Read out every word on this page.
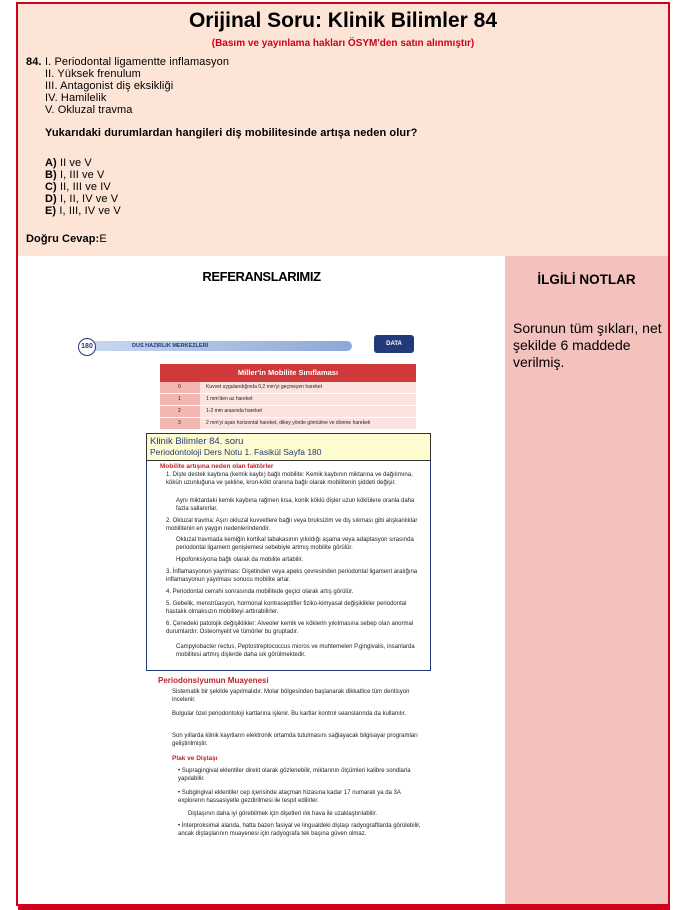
Orijinal Soru: Klinik Bilimler 84
(Basım ve yayınlama hakları ÖSYM'den satın alınmıştır)
84. I. Periodontal ligamentte inflamasyon
II. Yüksek frenulum
III. Antagonist diş eksikliği
IV. Hamilelik
V. Okluzal travma
Yukarıdaki durumlardan hangileri diş mobilitesinde artışa neden olur?
A) II ve V
B) I, III ve V
C) II, III ve IV
D) I, II, IV ve V
E) I, III, IV ve V
Doğru Cevap:E
İLGİLİ NOTLAR
Sorunun tüm şıkları, net şekilde 6 maddede verilmiş.
REFERANSLARIMIZ
DUS HAZIRLIK MERKEZLERİ
180	DATA
Miller'in Mobilite Sınıflaması
0	Kuvvet uygulandığında 0,2 mm'yi geçmeyen hareket
1	1 mm'den az hareket
2	1-2 mm arasında hareket
3	2 mm'yi aşan horizontal hareket, dikey yönde gömülme ve dönme hareketi
Klinik Bilimler 84. soru
Periodontoloji Ders Notu 1. Fasikül Sayfa 180
Mobilite artışına neden olan faktörler
1. Dişte destek kaybına (kemik kaybı) bağlı mobilite: Kemik kaybının miktarına ve dağılımına, kökün uzunluğuna ve şekline, kron-kökt oranına bağlı olarak mobilitenin şiddeti değişir.
Aynı miktardaki kemik kaybına rağmen kısa, konik köklü dişler uzun köklülere oranla daha fazla sallanırlar.
2. Okluzal travma: Aşırı okluzal kuvvetlere bağlı veya bruksizim ve diş sıkması gibi alışkanlıklar mobilitenin en yaygın nedenlerindendir.
Okluzal travmada kemiğin kortikal tabakasının yıkıldığı aşama veya adaptasyon sırasında periodontal ligament genişlemesi sebebiyle artmış mobilite görülür.
Hipofonksiyona bağlı olarak da mobilite artabilir.
3. İnflamasyonun yayılması: Dişetinden veya apeks çevresinden periodontal ligament aralığına inflamasyonun yayılması sonucu mobilite artar.
4. Periodontal cerrahi sonrasında mobilitede geçici olarak artış görülür.
5. Gebelik, menstrüasyon, hormonal kontraseptifler fiziko-kimyasal değişiklikler periodontal hastalık olmaksızın mobiliteyi arttırabilirler.
6. Çenedeki patolojik değişiklikler: Alveoler kemik ve köklerin yıkılmasına sebep olan anormal durumlardır. Osteomyelit ve tümörler bu gruptadır.
Campylobacter rectus, Peptostreptococcus micros ve muhtemelen P.gingivalis, insanlarda mobilitesi artmış dişlerde daha sık görülmektedir.
Periodonsiyumun Muayenesi
Sistematik bir şekilde yapılmalıdır. Molar bölgesinden başlanarak dikkatlice tüm dentisyon incelenir.
Bulgular özel periodontoloji kartlarına işlenir. Bu kartlar kontrol seanslarında da kullanılır.
Son yıllarda klinik kayıtların elektronik ortamda tutulmasını sağlayacak bilgisayar programları geliştirilmiştir.
Plak ve Diştaşı
• Supragingival eklentiler direkt olarak gözlenebilir, miktarının ölçümleri kalibre sondlarla yapılabilir.
• Subgingival eklentiler cep içerisinde ataçman hizasına kadar 17 numaralı ya da 3A explorerın hassasiyetle gezdirilmesi ile tespit edilirler.
Diştaşının daha iyi görebilmek için dişetleri ılık hava ile uzaklaştırılabilir.
• İnterproksimal alanda, hatta bazen fasiyal ve lingualdeki diştaşı radyograftlarda görülebilir, ancak diştaşlarının muayenesi için radyografa tek başına güven olmaz.
